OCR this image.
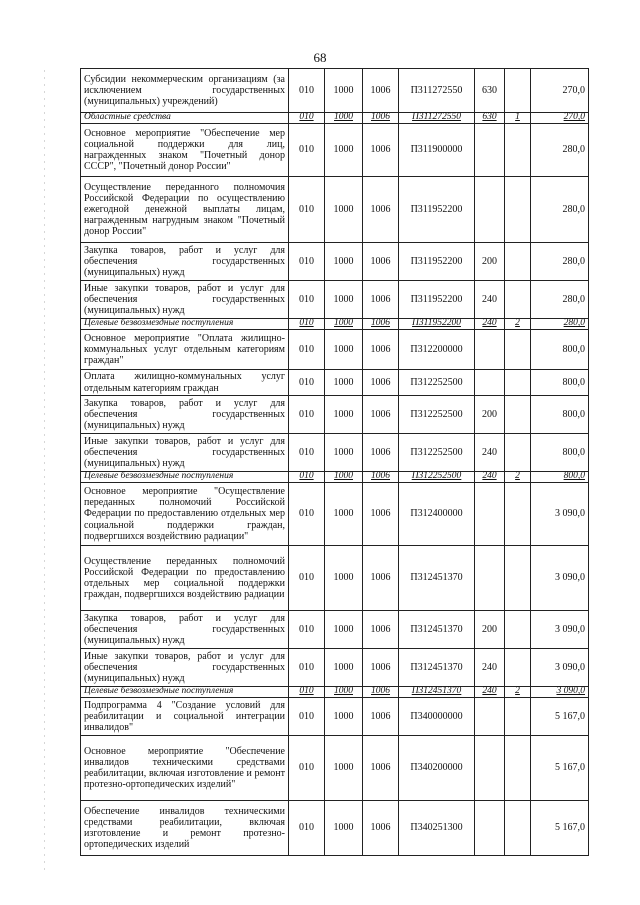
68
Субсидии некоммерческим организациям (за исключением государственных (муниципальных) учреждений)	010	1000	1006	П311272550	630		270,0
Областные средства	010	1000	1006	П311272550	630	1	270,0
Основное мероприятие "Обеспечение мер социальной поддержки для лиц, награжденных знаком "Почетный донор СССР", "Почетный донор России"	010	1000	1006	П311900000			280,0
Осуществление переданного полномочия Российской Федерации по осуществлению ежегодной денежной выплаты лицам, награжденным нагрудным знаком "Почетный донор России"	010	1000	1006	П311952200			280,0
Закупка товаров, работ и услуг для обеспечения государственных (муниципальных) нужд	010	1000	1006	П311952200	200		280,0
Иные закупки товаров, работ и услуг для обеспечения государственных (муниципальных) нужд	010	1000	1006	П311952200	240		280,0
Целевые безвозмездные поступления	010	1000	1006	П311952200	240	2	280,0
Основное мероприятие "Оплата жилищно-коммунальных услуг отдельным категориям граждан"	010	1000	1006	П312200000			800,0
Оплата жилищно-коммунальных услуг отдельным категориям граждан	010	1000	1006	П312252500			800,0
Закупка товаров, работ и услуг для обеспечения государственных (муниципальных) нужд	010	1000	1006	П312252500	200		800,0
Иные закупки товаров, работ и услуг для обеспечения государственных (муниципальных) нужд	010	1000	1006	П312252500	240		800,0
Целевые безвозмездные поступления	010	1000	1006	П312252500	240	2	800,0
Основное мероприятие "Осуществление переданных полномочий Российской Федерации по предоставлению отдельных мер социальной поддержки граждан, подвергшихся воздействию радиации"	010	1000	1006	П312400000			3 090,0
Осуществление переданных полномочий Российской Федерации по предоставлению отдельных мер социальной поддержки граждан, подвергшихся воздействию радиации	010	1000	1006	П312451370			3 090,0
Закупка товаров, работ и услуг для обеспечения государственных (муниципальных) нужд	010	1000	1006	П312451370	200		3 090,0
Иные закупки товаров, работ и услуг для обеспечения государственных (муниципальных) нужд	010	1000	1006	П312451370	240		3 090,0
Целевые безвозмездные поступления	010	1000	1006	П312451370	240	2	3 090,0
Подпрограмма 4 "Создание условий для реабилитации и социальной интеграции инвалидов"	010	1000	1006	П340000000			5 167,0
Основное мероприятие "Обеспечение инвалидов техническими средствами реабилитации, включая изготовление и ремонт протезно-ортопедических изделий"	010	1000	1006	П340200000			5 167,0
Обеспечение инвалидов техническими средствами реабилитации, включая изготовление и ремонт протезно-ортопедических изделий	010	1000	1006	П340251300			5 167,0
